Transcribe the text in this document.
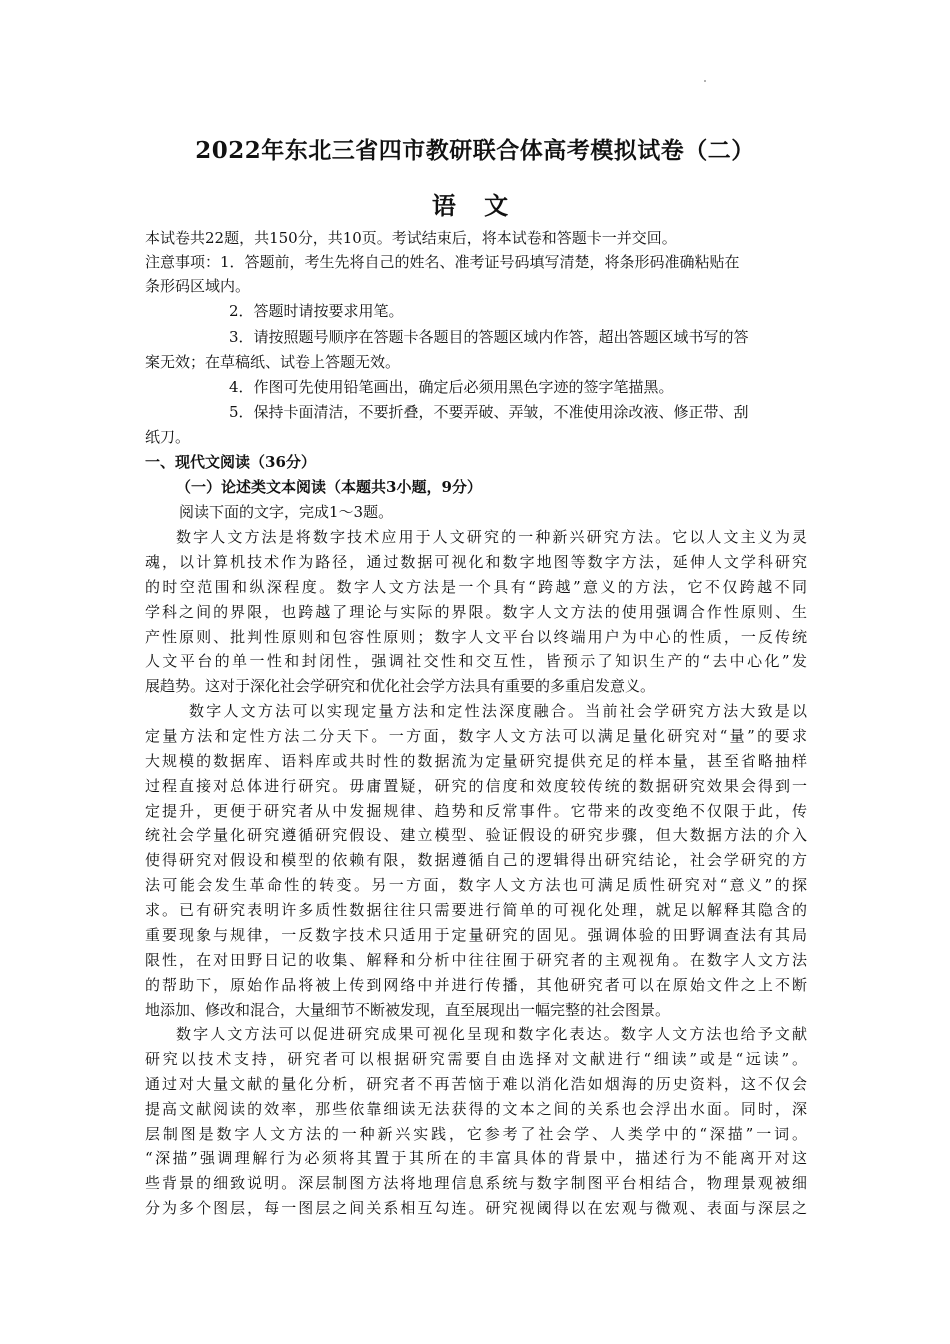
2022年东北三省四市教研联合体高考模拟试卷（二）
语 文
本试卷共22题，共150分，共10页。考试结束后，将本试卷和答题卡一并交回。
注意事项：1．答题前，考生先将自己的姓名、准考证号码填写清楚，将条形码准确粘贴在
条形码区域内。
2．答题时请按要求用笔。
3．请按照题号顺序在答题卡各题目的答题区域内作答，超出答题区域书写的答
案无效；在草稿纸、试卷上答题无效。
4．作图可先使用铅笔画出，确定后必须用黑色字迹的签字笔描黑。
5．保持卡面清洁，不要折叠，不要弄破、弄皱，不准使用涂改液、修正带、刮
纸刀。
一、现代文阅读（36分）
（一）论述类文本阅读（本题共3小题，9分）
阅读下面的文字，完成1～3题。
数字人文方法是将数字技术应用于人文研究的一种新兴研究方法。它以人文主义为灵
魂，以计算机技术作为路径，通过数据可视化和数字地图等数字方法，延伸人文学科研究
的时空范围和纵深程度。数字人文方法是一个具有“跨越”意义的方法，它不仅跨越不同
学科之间的界限，也跨越了理论与实际的界限。数字人文方法的使用强调合作性原则、生
产性原则、批判性原则和包容性原则；数字人文平台以终端用户为中心的性质，一反传统
人文平台的单一性和封闭性，强调社交性和交互性，皆预示了知识生产的“去中心化”发
展趋势。这对于深化社会学研究和优化社会学方法具有重要的多重启发意义。
数字人文方法可以实现定量方法和定性法深度融合。当前社会学研究方法大致是以
定量方法和定性方法二分天下。一方面，数字人文方法可以满足量化研究对“量”的要求
大规模的数据库、语料库或共时性的数据流为定量研究提供充足的样本量，甚至省略抽样
过程直接对总体进行研究。毋庸置疑，研究的信度和效度较传统的数据研究效果会得到一
定提升，更便于研究者从中发掘规律、趋势和反常事件。它带来的改变绝不仅限于此，传
统社会学量化研究遵循研究假设、建立模型、验证假设的研究步骤，但大数据方法的介入
使得研究对假设和模型的依赖有限，数据遵循自己的逻辑得出研究结论，社会学研究的方
法可能会发生革命性的转变。另一方面，数字人文方法也可满足质性研究对“意义”的探
求。已有研究表明许多质性数据往往只需要进行简单的可视化处理，就足以解释其隐含的
重要现象与规律，一反数字技术只适用于定量研究的固见。强调体验的田野调查法有其局
限性，在对田野日记的收集、解释和分析中往往囿于研究者的主观视角。在数字人文方法
的帮助下，原始作品将被上传到网络中并进行传播，其他研究者可以在原始文件之上不断
地添加、修改和混合，大量细节不断被发现，直至展现出一幅完整的社会图景。
数字人文方法可以促进研究成果可视化呈现和数字化表达。数字人文方法也给予文献
研究以技术支持，研究者可以根据研究需要自由选择对文献进行“细读”或是“远读”。
通过对大量文献的量化分析，研究者不再苦恼于难以消化浩如烟海的历史资料，这不仅会
提高文献阅读的效率，那些依靠细读无法获得的文本之间的关系也会浮出水面。同时，深
层制图是数字人文方法的一种新兴实践，它参考了社会学、人类学中的“深描”一词。
“深描”强调理解行为必须将其置于其所在的丰富具体的背景中，描述行为不能离开对这
些背景的细致说明。深层制图方法将地理信息系统与数字制图平台相结合，物理景观被细
分为多个图层，每一图层之间关系相互勾连。研究视阈得以在宏观与微观、表面与深层之
